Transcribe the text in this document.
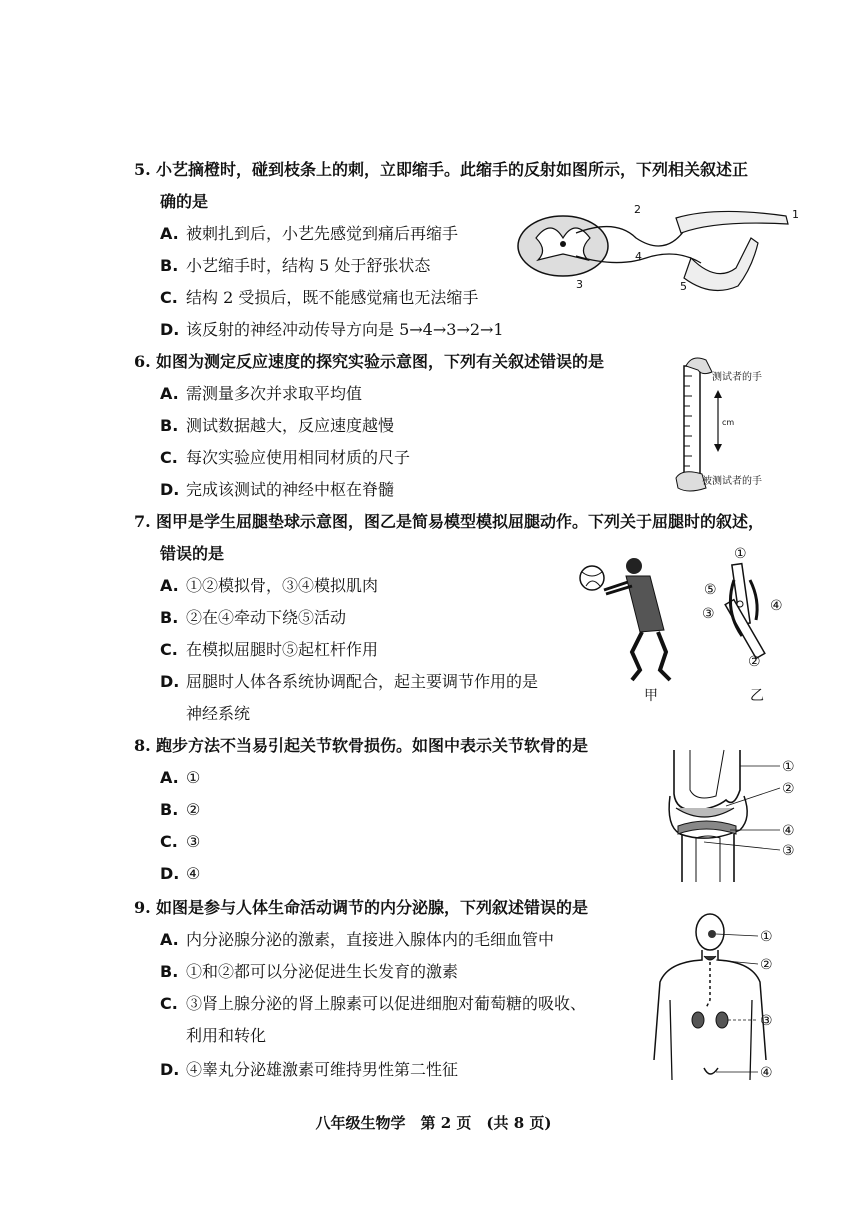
5. 小艺摘橙时，碰到枝条上的刺，立即缩手。此缩手的反射如图所示，下列相关叙述正
确的是
A. 被刺扎到后，小艺先感觉到痛后再缩手
B. 小艺缩手时，结构 5 处于舒张状态
C. 结构 2 受损后，既不能感觉痛也无法缩手
D. 该反射的神经冲动传导方向是 5→4→3→2→1
1
2
3
4
5
6. 如图为测定反应速度的探究实验示意图，下列有关叙述错误的是
A. 需测量多次并求取平均值
B. 测试数据越大，反应速度越慢
C. 每次实验应使用相同材质的尺子
D. 完成该测试的神经中枢在脊髓
cm
测试者的手
被测试者的手
7. 图甲是学生屈腿垫球示意图，图乙是简易模型模拟屈腿动作。下列关于屈腿时的叙述，
错误的是
A. ①②模拟骨，③④模拟肌肉
B. ②在④牵动下绕⑤活动
C. 在模拟屈腿时⑤起杠杆作用
D. 屈腿时人体各系统协调配合，起主要调节作用的是
神经系统
甲
①
②
③	④
⑤
乙
8. 跑步方法不当易引起关节软骨损伤。如图中表示关节软骨的是
A. ①
B. ②
C. ③
D. ④
①
②
④
③
9. 如图是参与人体生命活动调节的内分泌腺，下列叙述错误的是
A. 内分泌腺分泌的激素，直接进入腺体内的毛细血管中
B. ①和②都可以分泌促进生长发育的激素
C. ③肾上腺分泌的肾上腺素可以促进细胞对葡萄糖的吸收、
利用和转化
D. ④睾丸分泌雄激素可维持男性第二性征
①
②
③
④
八年级生物学　第 2 页　(共 8 页)
